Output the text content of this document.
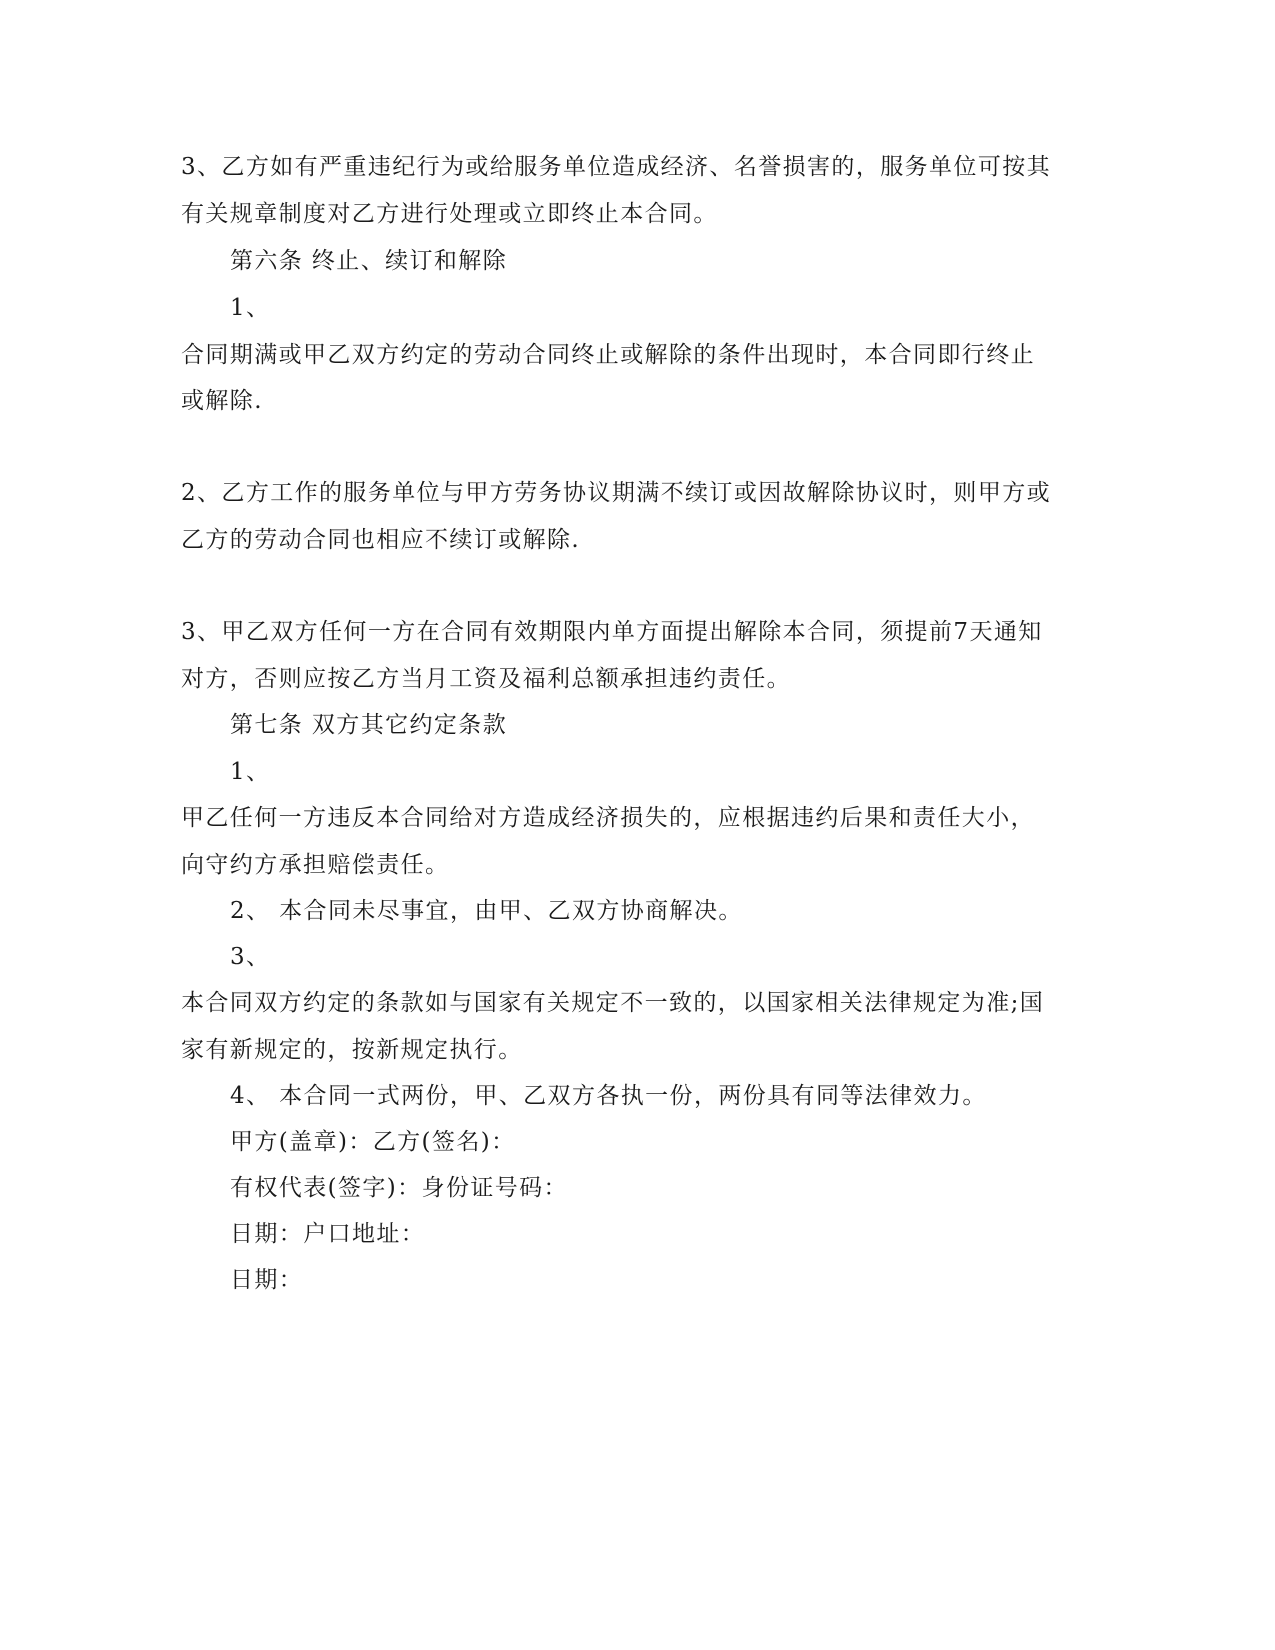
3、乙方如有严重违纪行为或给服务单位造成经济、名誉损害的，服务单位可按其
有关规章制度对乙方进行处理或立即终止本合同。
第六条 终止、续订和解除
1、
合同期满或甲乙双方约定的劳动合同终止或解除的条件出现时，本合同即行终止
或解除.
2、乙方工作的服务单位与甲方劳务协议期满不续订或因故解除协议时，则甲方或
乙方的劳动合同也相应不续订或解除.
3、甲乙双方任何一方在合同有效期限内单方面提出解除本合同，须提前7天通知
对方，否则应按乙方当月工资及福利总额承担违约责任。
第七条 双方其它约定条款
1、
甲乙任何一方违反本合同给对方造成经济损失的，应根据违约后果和责任大小，
向守约方承担赔偿责任。
2、 本合同未尽事宜，由甲、乙双方协商解决。
3、
本合同双方约定的条款如与国家有关规定不一致的，以国家相关法律规定为准;国
家有新规定的，按新规定执行。
4、 本合同一式两份，甲、乙双方各执一份，两份具有同等法律效力。
甲方(盖章)：乙方(签名)：
有权代表(签字)：身份证号码：
日期：户口地址：
日期：
